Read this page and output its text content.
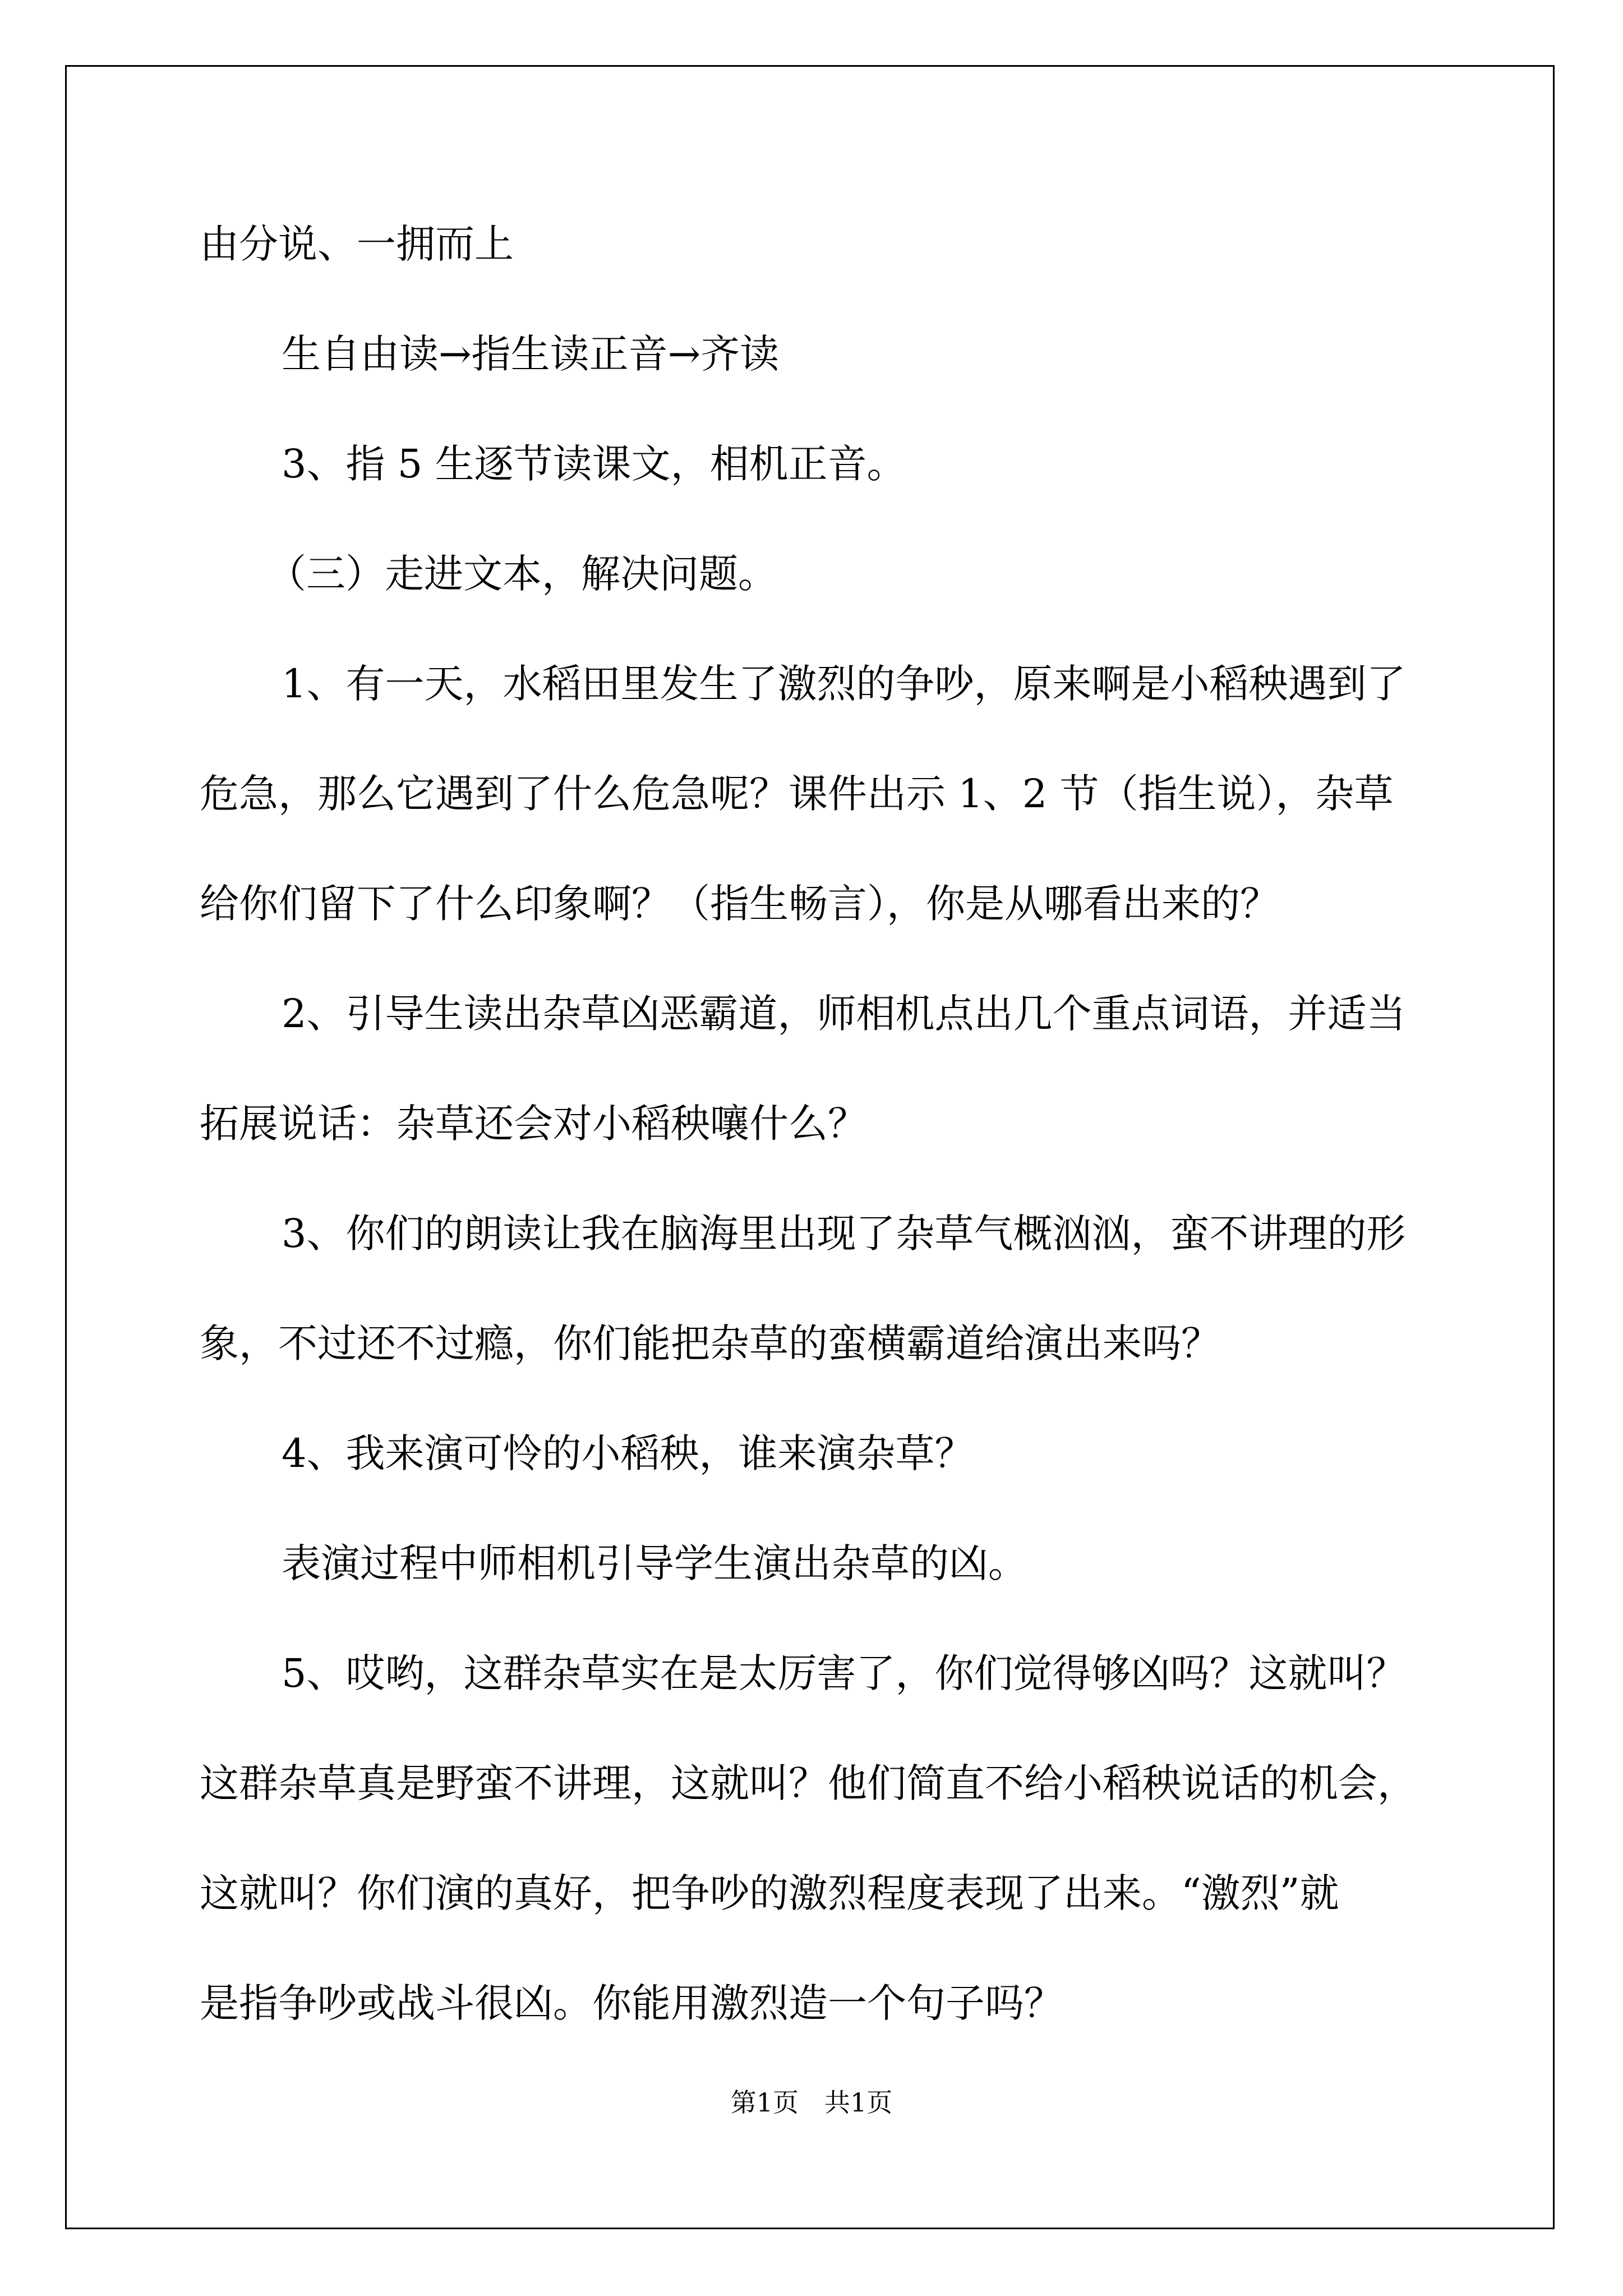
由分说、一拥而上
生自由读→指生读正音→齐读
3、指 5 生逐节读课文，相机正音。
（三）走进文本，解决问题。
1、有一天，水稻田里发生了激烈的争吵，原来啊是小稻秧遇到了
危急，那么它遇到了什么危急呢？课件出示 1、2 节（指生说），杂草
给你们留下了什么印象啊？（指生畅言），你是从哪看出来的？
2、引导生读出杂草凶恶霸道，师相机点出几个重点词语，并适当
拓展说话：杂草还会对小稻秧嚷什么？
3、你们的朗读让我在脑海里出现了杂草气概汹汹，蛮不讲理的形
象，不过还不过瘾，你们能把杂草的蛮横霸道给演出来吗？
4、我来演可怜的小稻秧，谁来演杂草？
表演过程中师相机引导学生演出杂草的凶。
5、哎哟，这群杂草实在是太厉害了，你们觉得够凶吗？这就叫？
这群杂草真是野蛮不讲理，这就叫？他们简直不给小稻秧说话的机会，
这就叫？你们演的真好，把争吵的激烈程度表现了出来。“激烈”就
是指争吵或战斗很凶。你能用激烈造一个句子吗？
第1页　共1页
